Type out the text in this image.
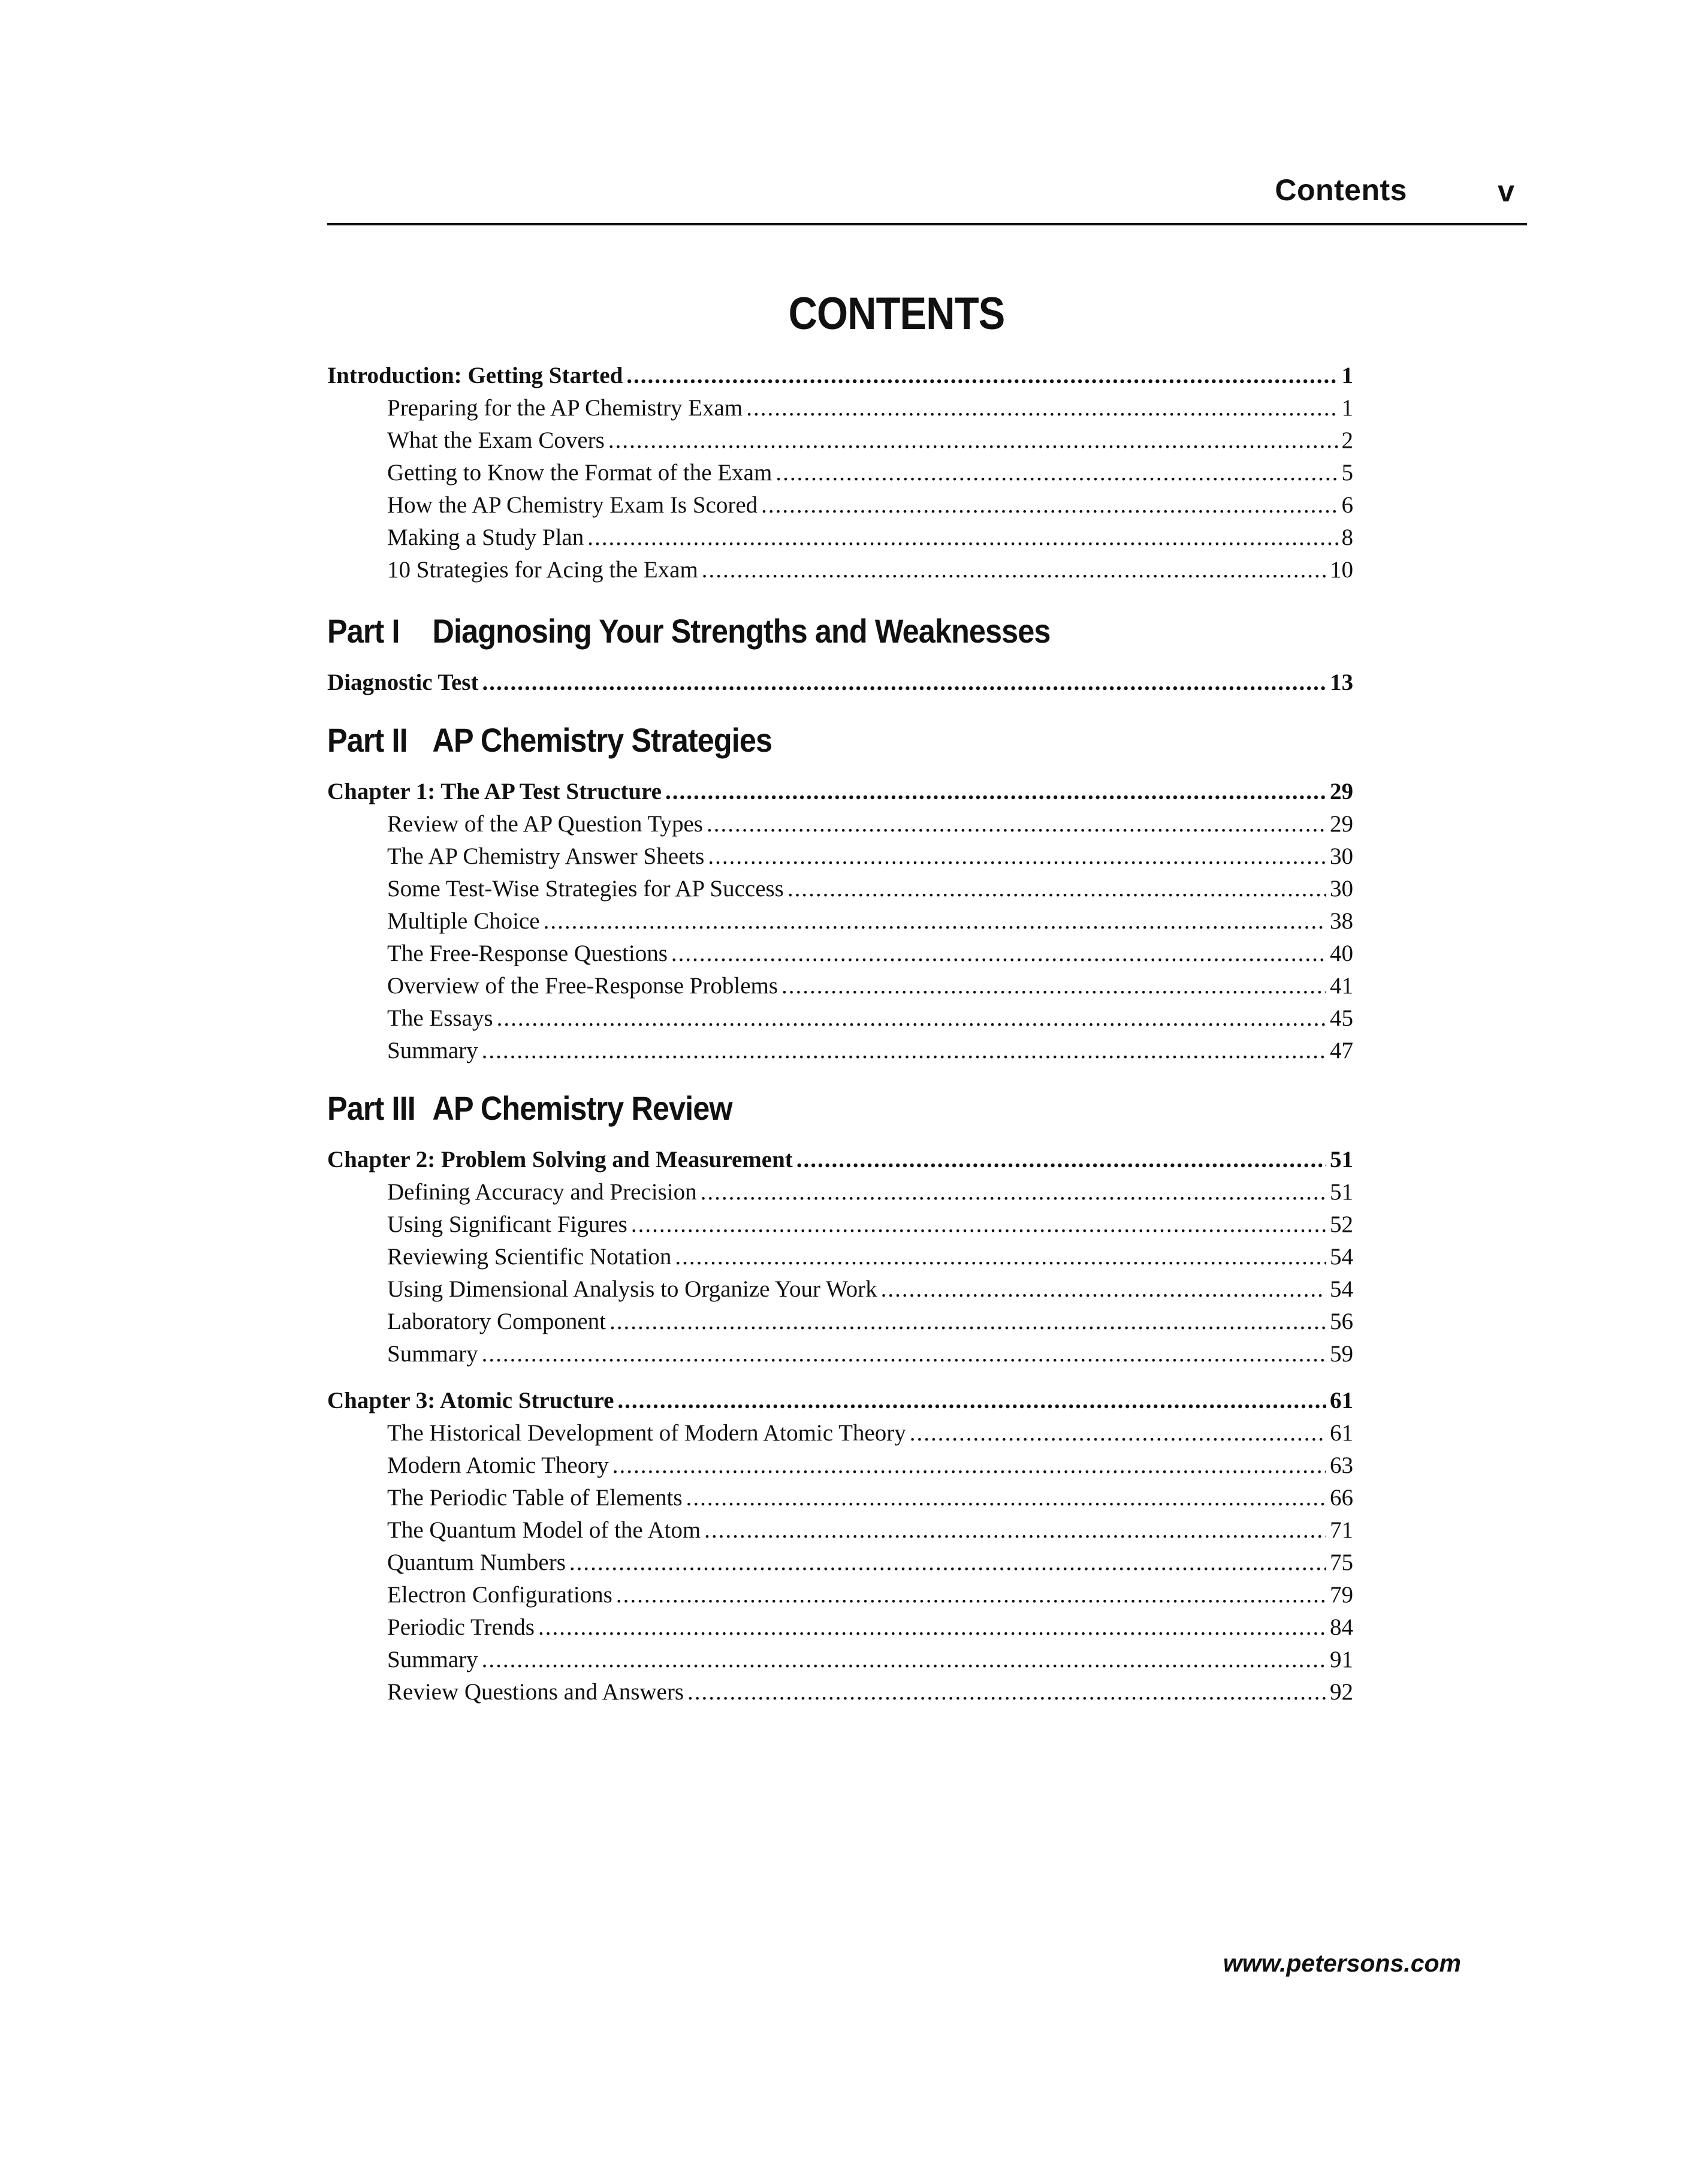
Contents	v
CONTENTS
Introduction: Getting Started .....	1
Preparing for the AP Chemistry Exam .....	1
What the Exam Covers .....	2
Getting to Know the Format of the Exam .....	5
How the AP Chemistry Exam Is Scored .....	6
Making a Study Plan .....	8
10 Strategies for Acing the Exam .....	10
Part I Diagnosing Your Strengths and Weaknesses
Diagnostic Test .....	13
Part II AP Chemistry Strategies
Chapter 1: The AP Test Structure .....	29
Review of the AP Question Types .....	29
The AP Chemistry Answer Sheets .....	30
Some Test-Wise Strategies for AP Success .....	30
Multiple Choice .....	38
The Free-Response Questions .....	40
Overview of the Free-Response Problems .....	41
The Essays .....	45
Summary .....	47
Part III AP Chemistry Review
Chapter 2: Problem Solving and Measurement .....	51
Defining Accuracy and Precision .....	51
Using Significant Figures .....	52
Reviewing Scientific Notation .....	54
Using Dimensional Analysis to Organize Your Work .....	54
Laboratory Component .....	56
Summary .....	59
Chapter 3: Atomic Structure .....	61
The Historical Development of Modern Atomic Theory .....	61
Modern Atomic Theory .....	63
The Periodic Table of Elements .....	66
The Quantum Model of the Atom .....	71
Quantum Numbers .....	75
Electron Configurations .....	79
Periodic Trends .....	84
Summary .....	91
Review Questions and Answers .....	92
www.petersons.com
